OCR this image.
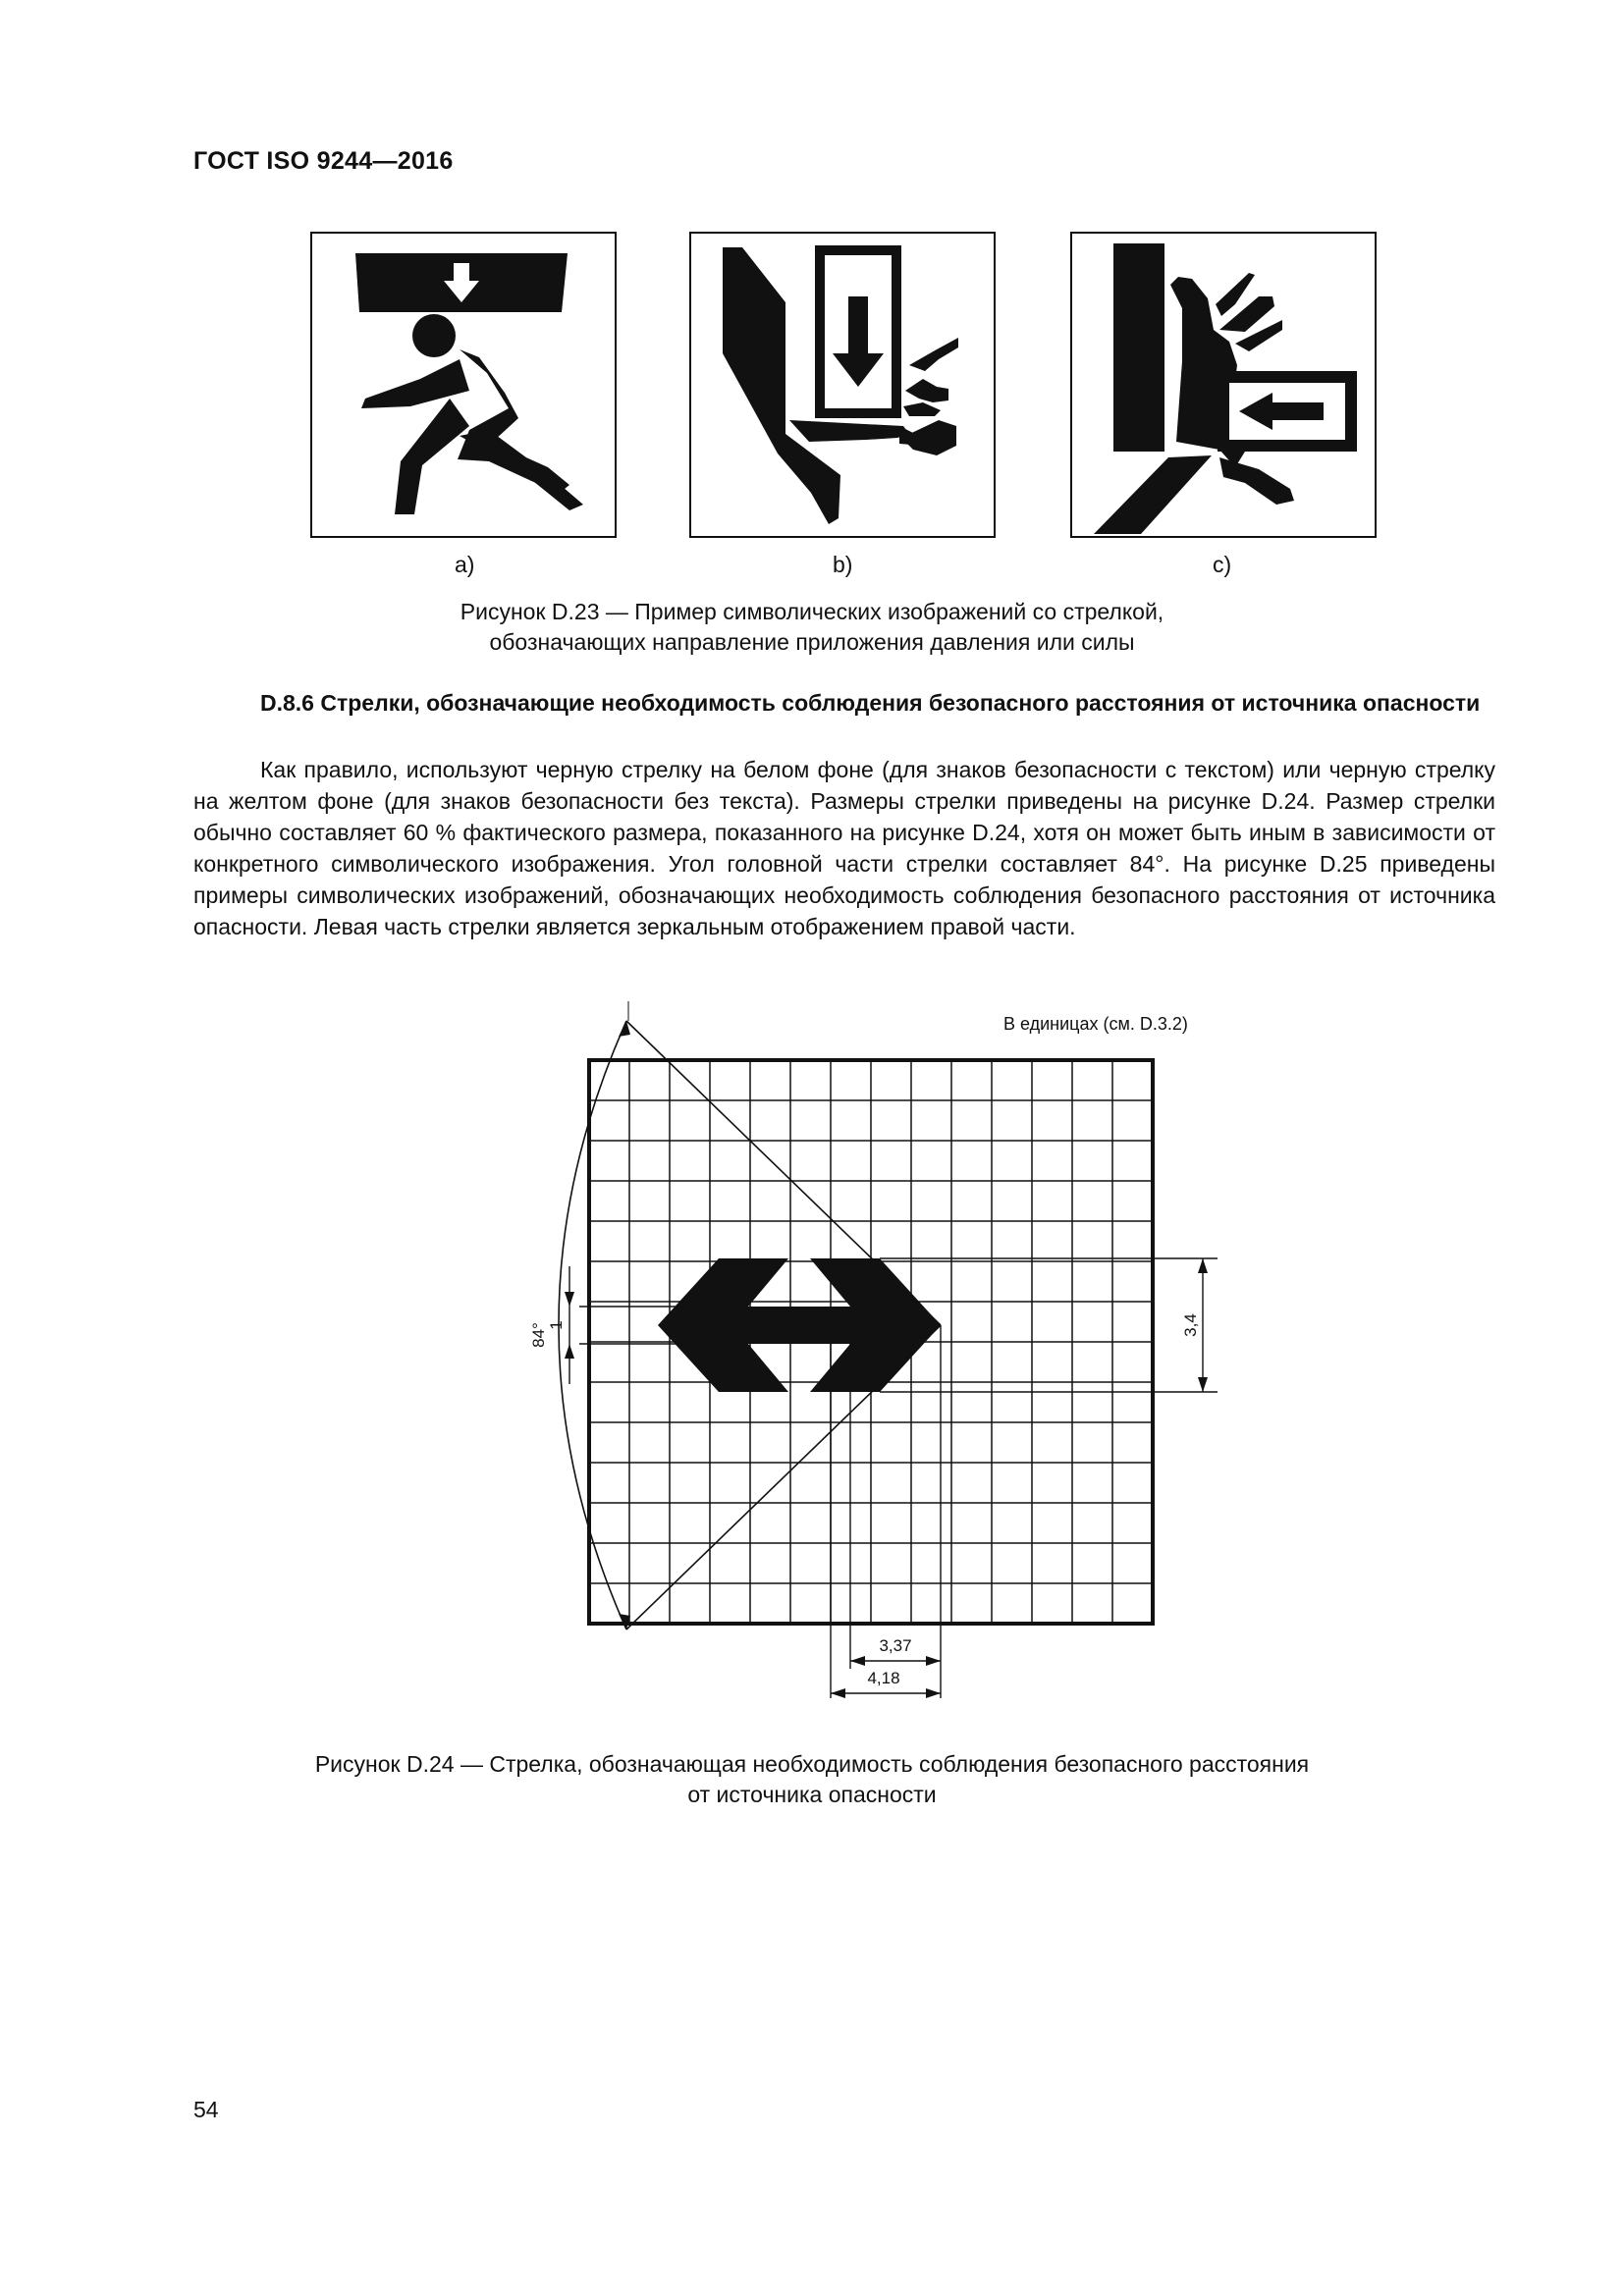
ГОСТ ISO 9244—2016
a)	b)	c)
Рисунок D.23 — Пример символических изображений со стрелкой,
обозначающих направление приложения давления или силы
D.8.6 Стрелки, обозначающие необходимость соблюдения безопасного расстояния от источника опасности
Как правило, используют черную стрелку на белом фоне (для знаков безопасности с текстом) или черную стрелку на желтом фоне (для знаков безопасности без текста). Размеры стрелки приведены на рисунке D.24. Размер стрелки обычно составляет 60 % фактического размера, показанного на рисунке D.24, хотя он может быть иным в зависимости от конкретного символического изображения. Угол головной части стрелки составляет 84°. На рисунке D.25 приведены примеры символических изображений, обозначающих необходимость соблюдения безопасного расстояния от источника опасности. Левая часть стрелки является зеркальным отображением правой части.
В единицах (см. D.3.2)
84° 1	3,4
3,37
4,18
Рисунок D.24 — Стрелка, обозначающая необходимость соблюдения безопасного расстояния
от источника опасности
54
